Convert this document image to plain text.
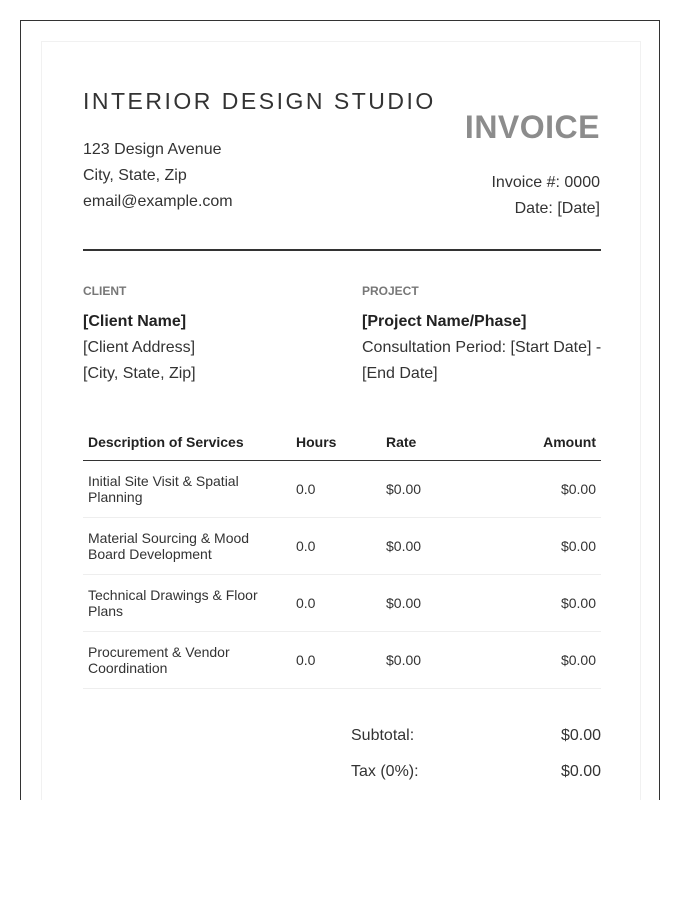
INTERIOR DESIGN STUDIO
123 Design Avenue
City, State, Zip
email@example.com
INVOICE
Invoice #: 0000
Date: [Date]
CLIENT
[Client Name]
[Client Address]
[City, State, Zip]
PROJECT
[Project Name/Phase]
Consultation Period: [Start Date] - [End Date]
Description of Services	Hours	Rate	Amount
Initial Site Visit & Spatial Planning	0.0	$0.00	$0.00
Material Sourcing & Mood Board Development	0.0	$0.00	$0.00
Technical Drawings & Floor Plans	0.0	$0.00	$0.00
Procurement & Vendor Coordination	0.0	$0.00	$0.00
Subtotal:	$0.00
Tax (0%):	$0.00
